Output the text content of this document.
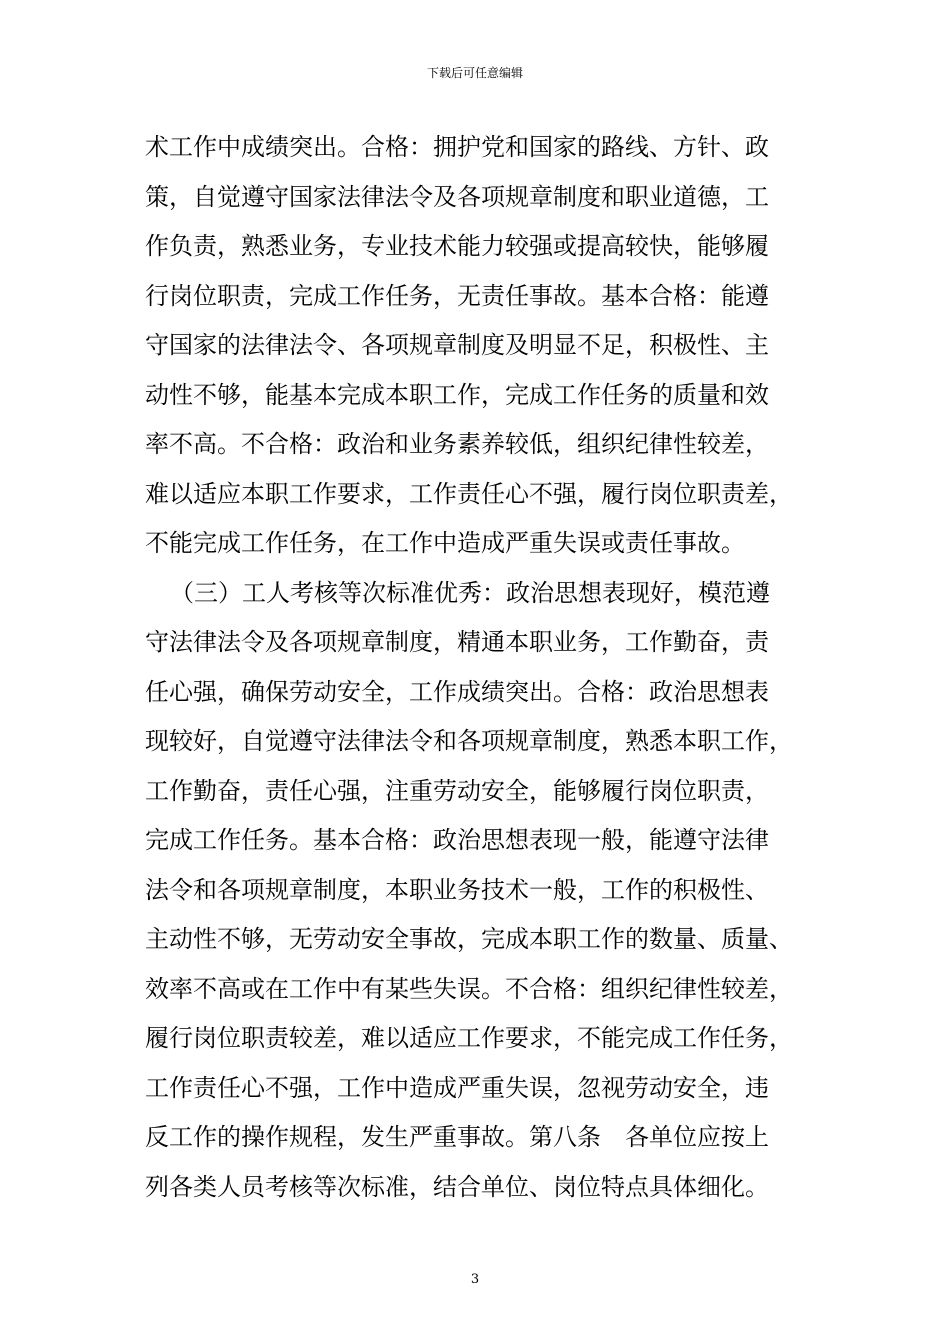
下载后可任意编辑
术工作中成绩突出。合格：拥护党和国家的路线、方针、政
策，自觉遵守国家法律法令及各项规章制度和职业道德，工
作负责，熟悉业务，专业技术能力较强或提高较快，能够履
行岗位职责，完成工作任务，无责任事故。基本合格：能遵
守国家的法律法令、各项规章制度及明显不足，积极性、主
动性不够，能基本完成本职工作，完成工作任务的质量和效
率不高。不合格：政治和业务素养较低，组织纪律性较差，
难以适应本职工作要求，工作责任心不强，履行岗位职责差，
不能完成工作任务，在工作中造成严重失误或责任事故。
（三）工人考核等次标准优秀：政治思想表现好，模范遵
守法律法令及各项规章制度，精通本职业务，工作勤奋，责
任心强，确保劳动安全，工作成绩突出。合格：政治思想表
现较好，自觉遵守法律法令和各项规章制度，熟悉本职工作，
工作勤奋，责任心强，注重劳动安全，能够履行岗位职责，
完成工作任务。基本合格：政治思想表现一般，能遵守法律
法令和各项规章制度，本职业务技术一般，工作的积极性、
主动性不够，无劳动安全事故，完成本职工作的数量、质量、
效率不高或在工作中有某些失误。不合格：组织纪律性较差，
履行岗位职责较差，难以适应工作要求，不能完成工作任务，
工作责任心不强，工作中造成严重失误，忽视劳动安全，违
反工作的操作规程，发生严重事故。第八条　各单位应按上
列各类人员考核等次标准，结合单位、岗位特点具体细化。
3
